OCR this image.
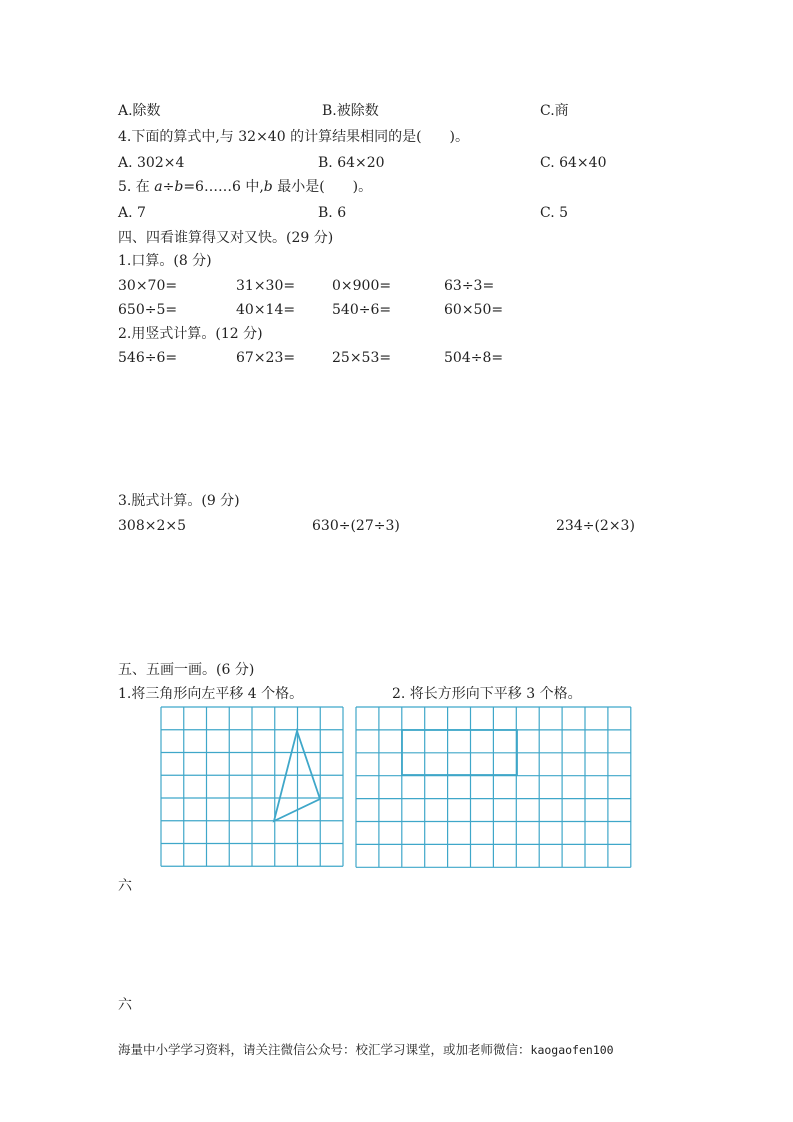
A.除数	B.被除数	C.商
4.下面的算式中,与 32×40 的计算结果相同的是(　　)。
A. 302×4	B. 64×20	C. 64×40
5. 在 a÷b=6……6 中,b 最小是(　　)。
A. 7	B. 6	C. 5
四、四看谁算得又对又快。(29 分)
1.口算。(8 分)
30×70=	31×30=	0×900=	63÷3=
650÷5=	40×14=	540÷6=	60×50=
2.用竖式计算。(12 分)
546÷6=	67×23=	25×53=	504÷8=
3.脱式计算。(9 分)
308×2×5	630÷(27÷3)	234÷(2×3)
五、五画一画。(6 分)
1.将三角形向左平移 4 个格。	2. 将长方形向下平移 3 个格。
六
六
海量中小学学习资料，请关注微信公众号：校汇学习课堂，或加老师微信：kaogaofen100
